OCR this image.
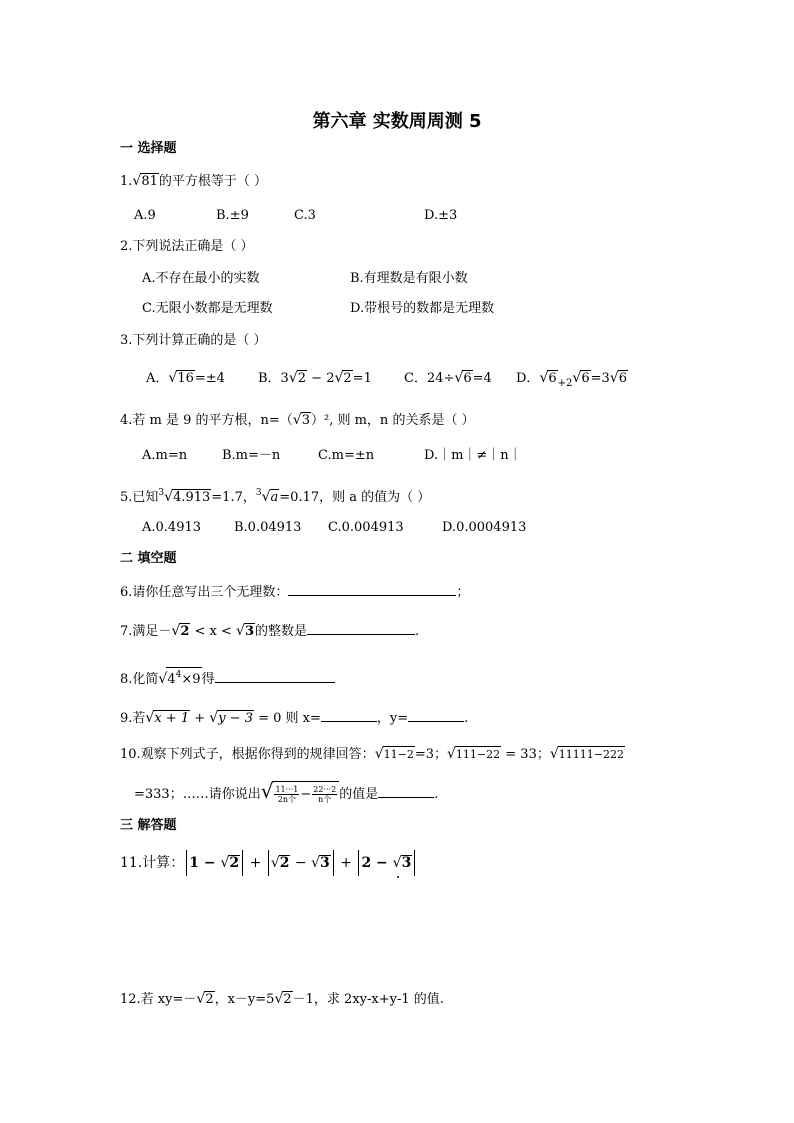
第六章 实数周周测 5
一 选择题
1.√81的平方根等于（ ）
A.9	B.±9	C.3	D.±3
2.下列说法正确是（ ）
A.不存在最小的实数	B.有理数是有限小数
C.无限小数都是无理数	D.带根号的数都是无理数
3.下列计算正确的是（ ）
A．√16=±4	B．3√2 − 2√2=1 C．24÷√6=4 D．$√6_{+2}√6=3√6$
4.若 m 是 9 的平方根，n=（√3）², 则 m，n 的关系是（ ）
A.m=n	B.m=－n	C.m=±n	D.｜m｜≠｜n｜
5.已知$^3$√4.913=1.7，$^3$√a=0.17，则 a 的值为（ ）
A.0.4913	B.0.04913 C.0.004913	D.0.0004913
二 填空题
6.请你任意写出三个无理数：	；
7.满足－√2 < x < √3的整数是	.
8.化简$√4^4\times 9$得
9.若√x + 1 + √y − 3 = 0 则 x=	，y=	.
10.观察下列式子，根据你得到的规律回答：√11−2=3；√111−22 = 33；√11111−222
=333；……请你说出√ $\frac{11\cdot\cdot\cdot 1}{\text{2n个}} - \frac{22\cdot\cdot\cdot 2}{\text{n个}}$ 的值是	.
三 解答题
11.计算： 1 − √2 + √2 − √3 + 2 − √3
12.若 xy=－√2，x－y=5√2－1，求 2xy-x+y-1 的值.
